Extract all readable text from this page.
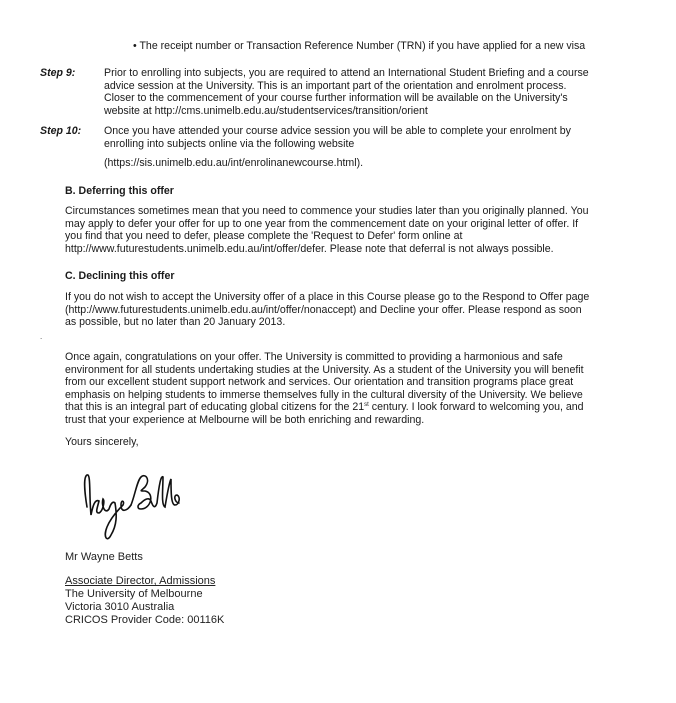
• The receipt number or Transaction Reference Number (TRN) if you have applied for a new visa
Step 9:	Prior to enrolling into subjects, you are required to attend an International Student Briefing and a course
advice session at the University. This is an important part of the orientation and enrolment process.
Closer to the commencement of your course further information will be available on the University's
website at http://cms.unimelb.edu.au/studentservices/transition/orient
Step 10: Once you have attended your course advice session you will be able to complete your enrolment by
enrolling into subjects online via the following website
(https://sis.unimelb.edu.au/int/enrolinanewcourse.html).
B. Deferring this offer
Circumstances sometimes mean that you need to commence your studies later than you originally planned. You
may apply to defer your offer for up to one year from the commencement date on your original letter of offer. If
you find that you need to defer, please complete the 'Request to Defer' form online at
http://www.futurestudents.unimelb.edu.au/int/offer/defer. Please note that deferral is not always possible.
C. Declining this offer
If you do not wish to accept the University offer of a place in this Course please go to the Respond to Offer page
(http://www.futurestudents.unimelb.edu.au/int/offer/nonaccept) and Decline your offer. Please respond as soon
as possible, but no later than 20 January 2013.
.
Once again, congratulations on your offer. The University is committed to providing a harmonious and safe
environment for all students undertaking studies at the University. As a student of the University you will benefit
from our excellent student support network and services. Our orientation and transition programs place great
emphasis on helping students to immerse themselves fully in the cultural diversity of the University. We believe
that this is an integral part of educating global citizens for the 21st century. I look forward to welcoming you, and
trust that your experience at Melbourne will be both enriching and rewarding.
Yours sincerely,
Mr Wayne Betts
Associate Director, Admissions
The University of Melbourne
Victoria 3010 Australia
CRICOS Provider Code: 00116K
